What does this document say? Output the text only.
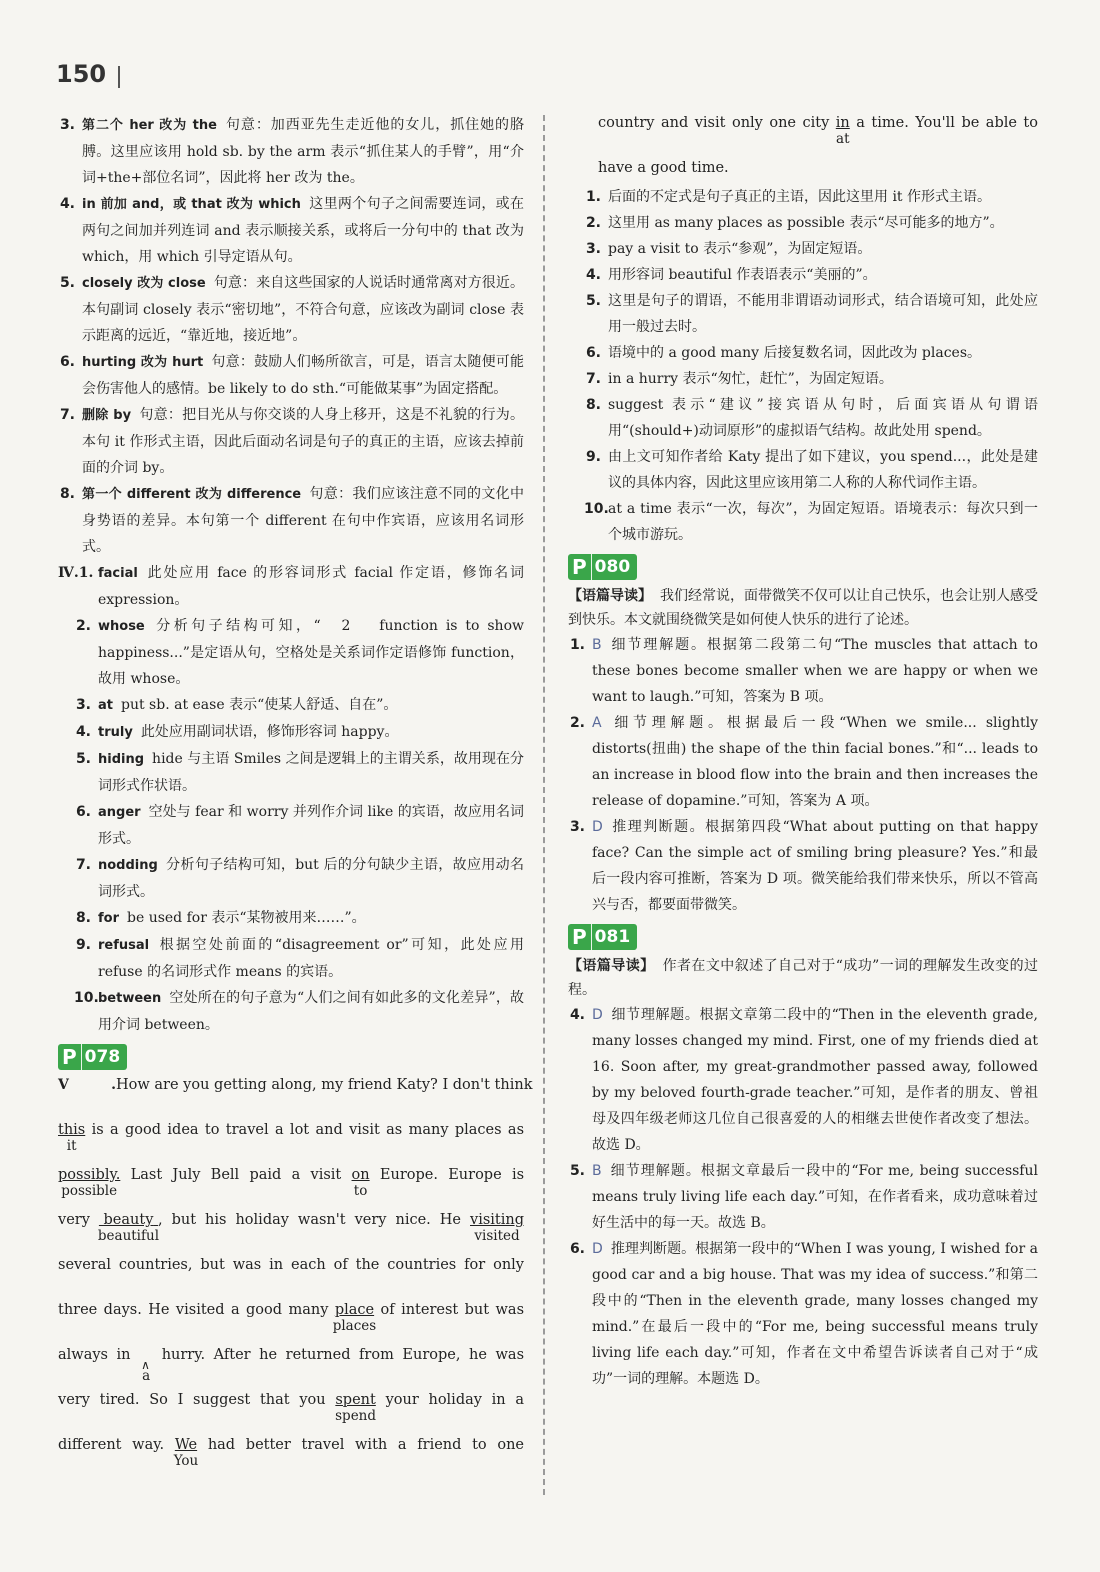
150
3. 第二个 her 改为 the 句意：加西亚先生走近他的女儿，抓住她的胳膊。这里应该用 hold sb. by the arm 表示“抓住某人的手臂”，用“介词+the+部位名词”，因此将 her 改为 the。
4. in 前加 and，或 that 改为 which 这里两个句子之间需要连词，或在两句之间加并列连词 and 表示顺接关系，或将后一分句中的 that 改为 which，用 which 引导定语从句。
5. closely 改为 close 句意：来自这些国家的人说话时通常离对方很近。本句副词 closely 表示“密切地”，不符合句意，应该改为副词 close 表示距离的远近，“靠近地，接近地”。
6. hurting 改为 hurt 句意：鼓励人们畅所欲言，可是，语言太随便可能会伤害他人的感情。be likely to do sth.“可能做某事”为固定搭配。
7. 删除 by 句意：把目光从与你交谈的人身上移开，这是不礼貌的行为。本句 it 作形式主语，因此后面动名词是句子的真正的主语，应该去掉前面的介词 by。
8. 第一个 different 改为 difference 句意：我们应该注意不同的文化中身势语的差异。本句第一个 different 在句中作宾语，应该用名词形式。
Ⅳ.1. facial 此处应用 face 的形容词形式 facial 作定语，修饰名词 expression。
2. whose 分析句子结构可知，“　2　 function is to show happiness...”是定语从句，空格处是关系词作定语修饰 function，故用 whose。
3. at put sb. at ease 表示“使某人舒适、自在”。
4. truly 此处应用副词状语，修饰形容词 happy。
5. hiding hide 与主语 Smiles 之间是逻辑上的主谓关系，故用现在分词形式作状语。
6. anger 空处与 fear 和 worry 并列作介词 like 的宾语，故应用名词形式。
7. nodding 分析句子结构可知，but 后的分句缺少主语，故应用动名词形式。
8. for be used for 表示“某物被用来……”。
9. refusal 根据空处前面的“disagreement or”可知，此处应用 refuse 的名词形式作 means 的宾语。
10. between 空处所在的句子意为“人们之间有如此多的文化差异”，故用介词 between。
P 078
Ⅴ. How are you getting along, my friend Katy? I don't think
this
it
is a good idea to travel a lot and visit as many places as
possibly.
possible
Last July Bell paid a visit on
to
Europe. Europe is
very beauty
beautiful
, but his holiday wasn't very nice. He visiting
visited
several countries, but was in each of the countries for only
three days. He visited a good many place
places
of interest but was
always in
∧ a
hurry. After he returned from Europe, he was
very tired. So I suggest that you spent
spend
your holiday in a
different way. We
You
had better travel with a friend to one
country and visit only one city in
at
a time. You'll be able to
have a good time.
1. 后面的不定式是句子真正的主语，因此这里用 it 作形式主语。
2. 这里用 as many places as possible 表示“尽可能多的地方”。
3. pay a visit to 表示“参观”，为固定短语。
4. 用形容词 beautiful 作表语表示“美丽的”。
5. 这里是句子的谓语，不能用非谓语动词形式，结合语境可知，此处应用一般过去时。
6. 语境中的 a good many 后接复数名词，因此改为 places。
7. in a hurry 表示“匆忙，赶忙”，为固定短语。
8. suggest 表示“建议”接宾语从句时，后面宾语从句谓语用“(should+)动词原形”的虚拟语气结构。故此处用 spend。
9. 由上文可知作者给 Katy 提出了如下建议，you spend...，此处是建议的具体内容，因此这里应该用第二人称的人称代词作主语。
10. at a time 表示“一次，每次”，为固定短语。语境表示：每次只到一个城市游玩。
P 080
【语篇导读】 我们经常说，面带微笑不仅可以让自己快乐，也会让别人感受到快乐。本文就围绕微笑是如何使人快乐的进行了论述。
1. B 细节理解题。根据第二段第二句“The muscles that attach to these bones become smaller when we are happy or when we want to laugh.”可知，答案为 B 项。
2. A 细节理解题。根据最后一段“When we smile... slightly distorts(扭曲) the shape of the thin facial bones.”和“... leads to an increase in blood flow into the brain and then increases the release of dopamine.”可知，答案为 A 项。
3. D 推理判断题。根据第四段“What about putting on that happy face? Can the simple act of smiling bring pleasure? Yes.”和最后一段内容可推断，答案为 D 项。微笑能给我们带来快乐，所以不管高兴与否，都要面带微笑。
P 081
【语篇导读】 作者在文中叙述了自己对于“成功”一词的理解发生改变的过程。
4. D 细节理解题。根据文章第二段中的“Then in the eleventh grade, many losses changed my mind. First, one of my friends died at 16. Soon after, my great-grandmother passed away, followed by my beloved fourth-grade teacher.”可知，是作者的朋友、曾祖母及四年级老师这几位自己很喜爱的人的相继去世使作者改变了想法。故选 D。
5. B 细节理解题。根据文章最后一段中的“For me, being successful means truly living life each day.”可知，在作者看来，成功意味着过好生活中的每一天。故选 B。
6. D 推理判断题。根据第一段中的“When I was young, I wished for a good car and a big house. That was my idea of success.”和第二段中的“Then in the eleventh grade, many losses changed my mind.”在最后一段中的“For me, being successful means truly living life each day.”可知，作者在文中希望告诉读者自己对于“成功”一词的理解。本题选 D。
